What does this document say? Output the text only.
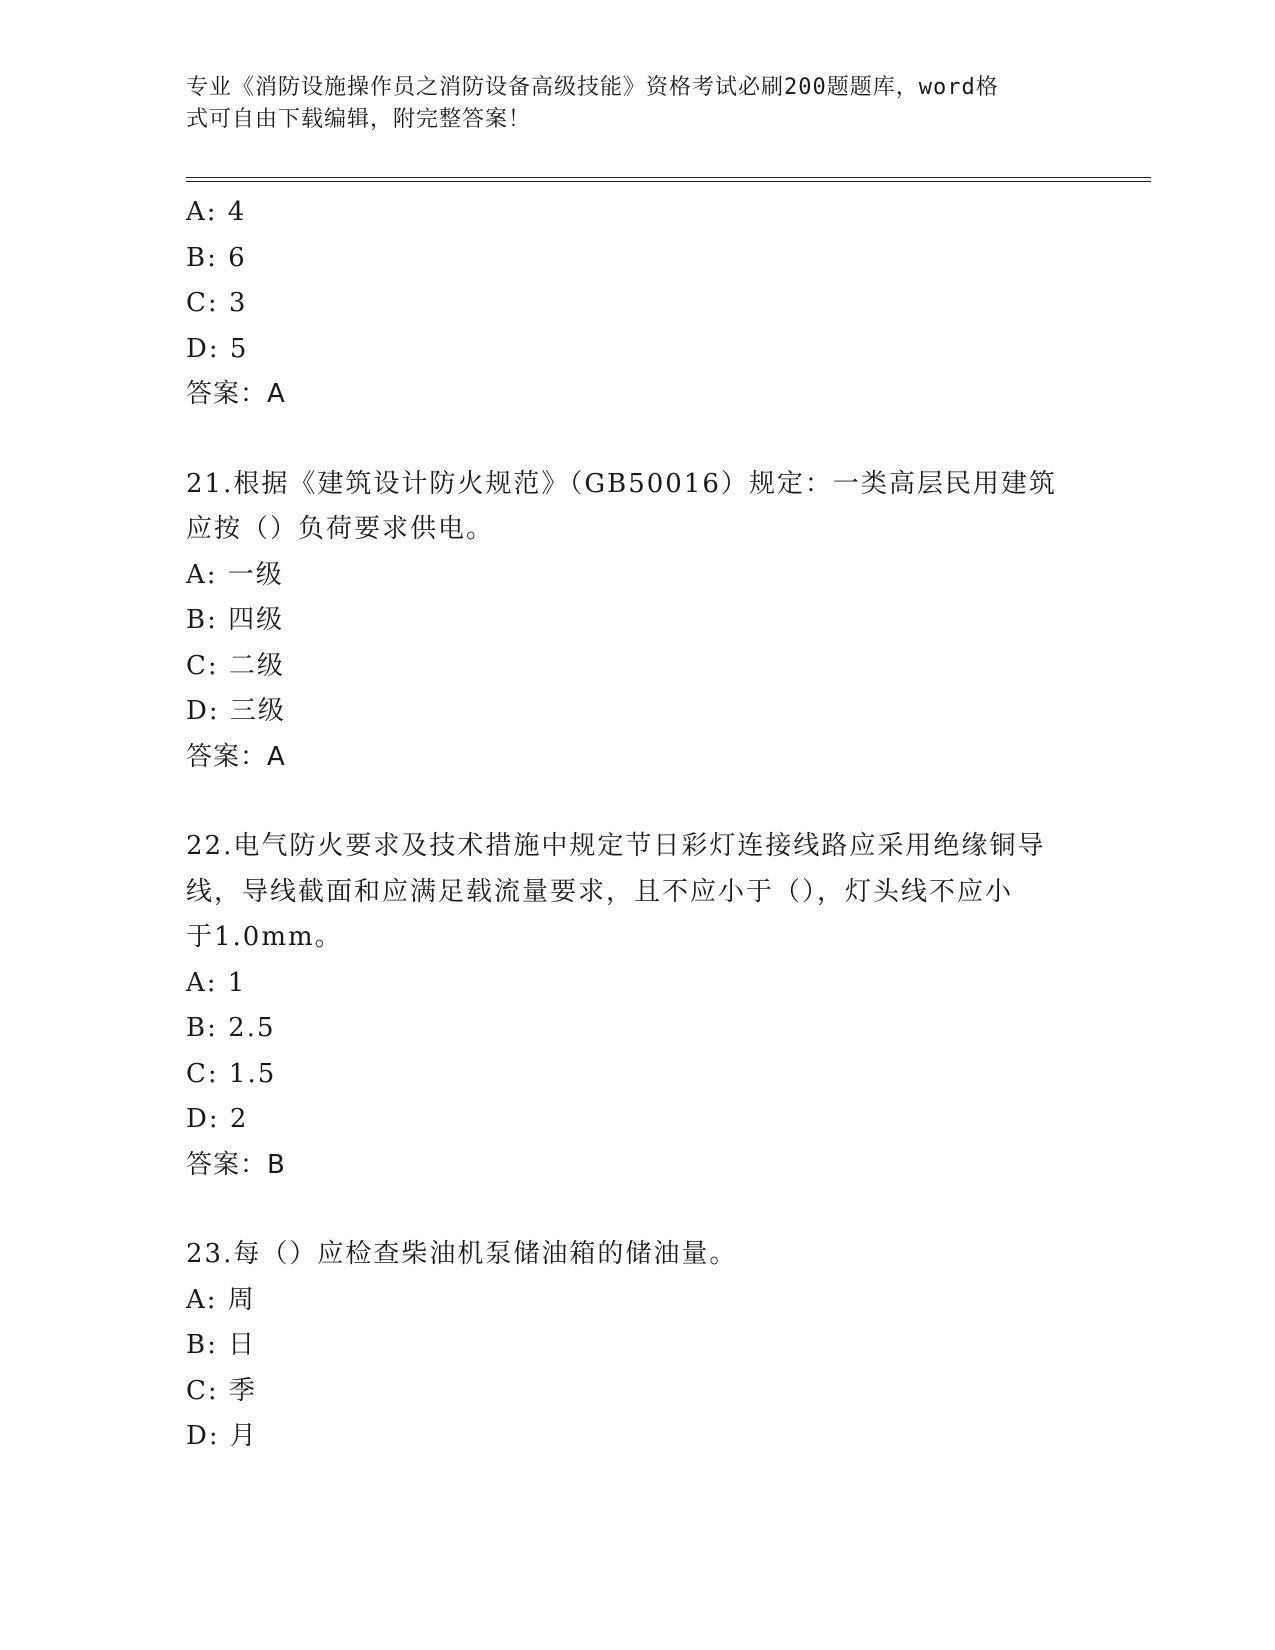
专业《消防设施操作员之消防设备高级技能》资格考试必刷200题题库，word格
式可自由下载编辑，附完整答案！
A: 4
B: 6
C: 3
D: 5
答案：A
21.根据《建筑设计防火规范》（GB50016）规定：一类高层民用建筑
应按（）负荷要求供电。
A: 一级
B: 四级
C: 二级
D: 三级
答案：A
22.电气防火要求及技术措施中规定节日彩灯连接线路应采用绝缘铜导
线，导线截面和应满足载流量要求，且不应小于（），灯头线不应小
于1.0mm。
A: 1
B: 2.5
C: 1.5
D: 2
答案：B
23.每（）应检查柴油机泵储油箱的储油量。
A: 周
B: 日
C: 季
D: 月
